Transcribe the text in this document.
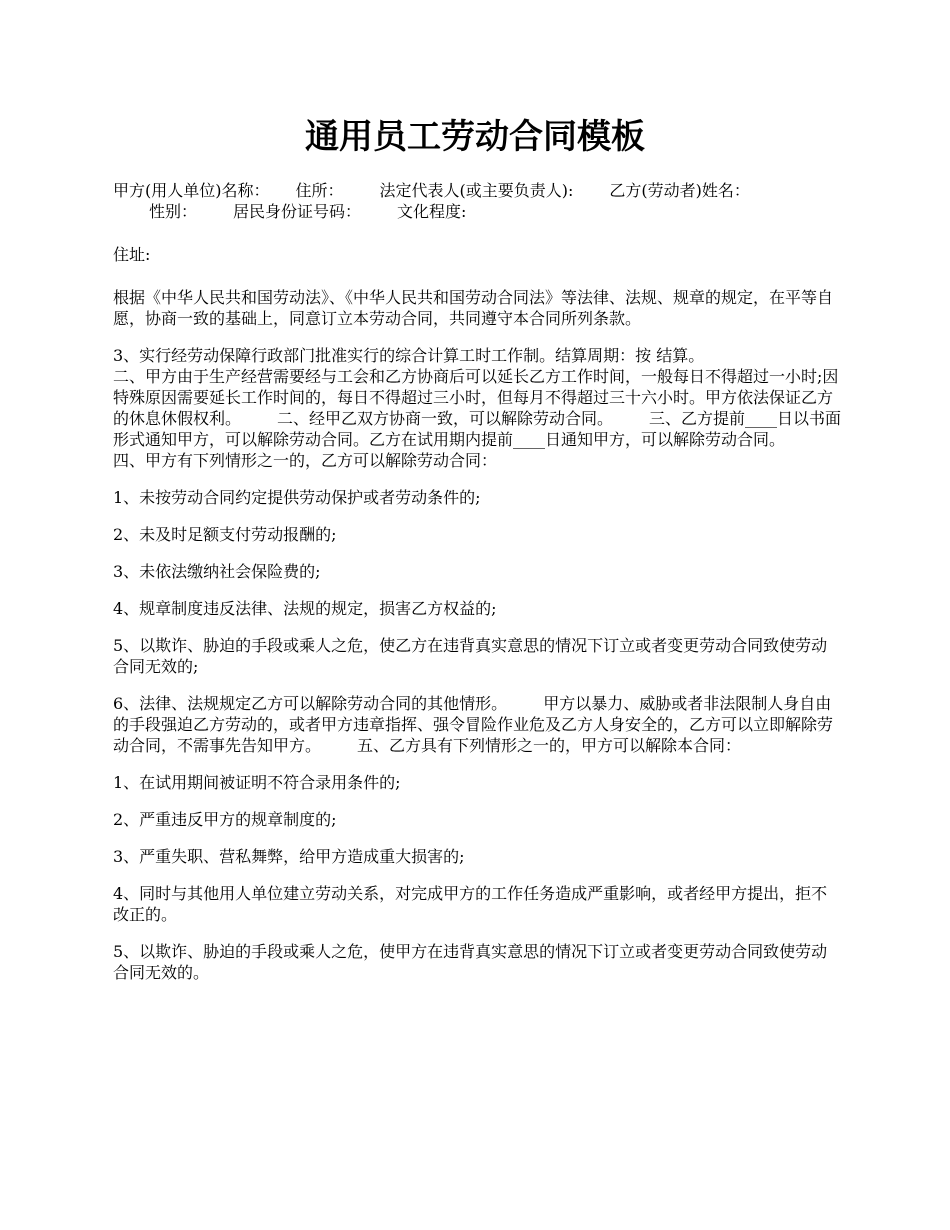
通用员工劳动合同模板

甲方(用人单位)名称： 住所： 法定代表人(或主要负责人): 乙方(劳动者)姓名：
性别： 居民身份证号码： 文化程度:

住址:

根据《中华人民共和国劳动法》、《中华人民共和国劳动合同法》等法律、法规、规章的规定，在平等自愿，协商一致的基础上，同意订立本劳动合同，共同遵守本合同所列条款。

3、实行经劳动保障行政部门批准实行的综合计算工时工作制。结算周期：按 结算。

二、甲方由于生产经营需要经与工会和乙方协商后可以延长乙方工作时间，一般每日不得超过一小时;因特殊原因需要延长工作时间的，每日不得超过三小时，但每月不得超过三十六小时。甲方依法保证乙方的休息休假权利。 二、经甲乙双方协商一致，可以解除劳动合同。 三、乙方提前____日以书面形式通知甲方，可以解除劳动合同。乙方在试用期内提前____日通知甲方，可以解除劳动合同。四、甲方有下列情形之一的，乙方可以解除劳动合同：

1、未按劳动合同约定提供劳动保护或者劳动条件的;

2、未及时足额支付劳动报酬的;

3、未依法缴纳社会保险费的;

4、规章制度违反法律、法规的规定，损害乙方权益的;

5、以欺诈、胁迫的手段或乘人之危，使乙方在违背真实意思的情况下订立或者变更劳动合同致使劳动合同无效的;

6、法律、法规规定乙方可以解除劳动合同的其他情形。 甲方以暴力、威胁或者非法限制人身自由的手段强迫乙方劳动的，或者甲方违章指挥、强令冒险作业危及乙方人身安全的，乙方可以立即解除劳动合同，不需事先告知甲方。 五、乙方具有下列情形之一的，甲方可以解除本合同：

1、在试用期间被证明不符合录用条件的;

2、严重违反甲方的规章制度的;

3、严重失职、营私舞弊，给甲方造成重大损害的;

4、同时与其他用人单位建立劳动关系，对完成甲方的工作任务造成严重影响，或者经甲方提出，拒不改正的。

5、以欺诈、胁迫的手段或乘人之危，使甲方在违背真实意思的情况下订立或者变更劳动合同致使劳动合同无效的。
